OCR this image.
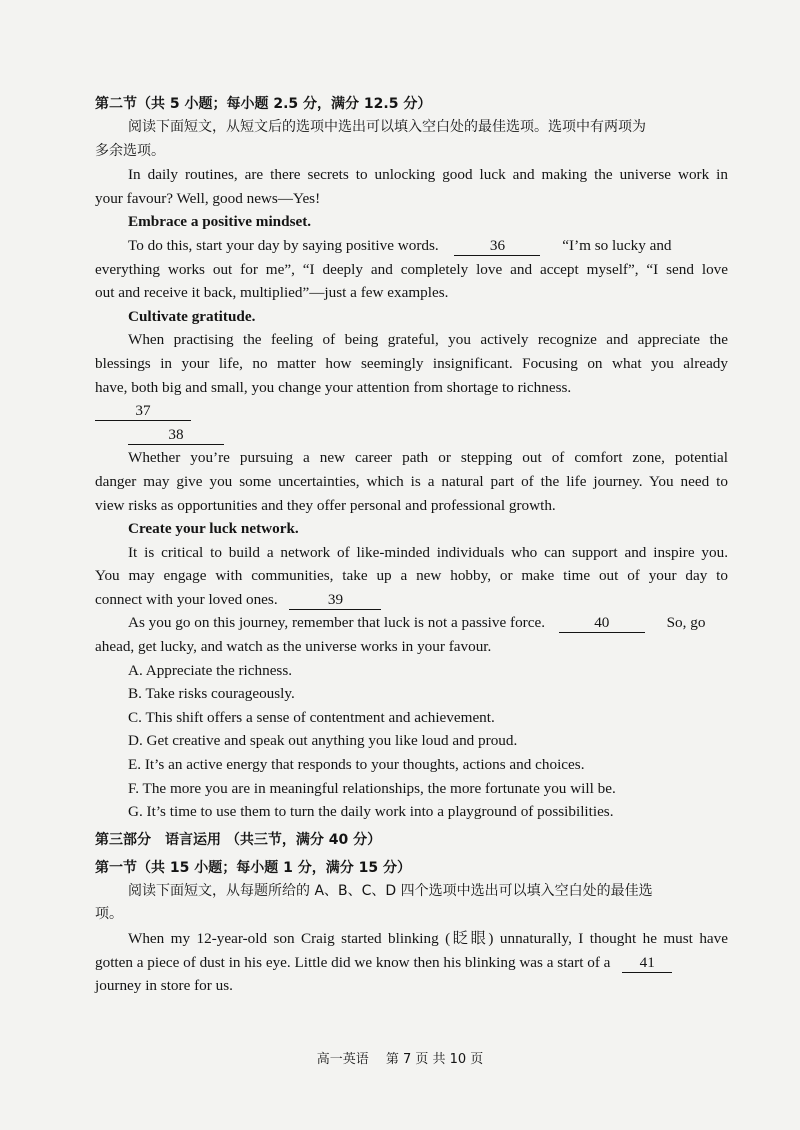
第二节（共 5 小题；每小题 2.5 分，满分 12.5 分）
阅读下面短文，从短文后的选项中选出可以填入空白处的最佳选项。选项中有两项为
多余选项。
In daily routines, are there secrets to unlocking good luck and making the universe work in
your favour? Well, good news—Yes!
Embrace a positive mindset.
To do this, start your day by saying positive words.	36	“I’m so lucky and
everything works out for me”, “I deeply and completely love and accept myself”, “I send love
out and receive it back, multiplied”—just a few examples.
Cultivate gratitude.
When practising the feeling of being grateful, you actively recognize and appreciate the
blessings in your life, no matter how seemingly insignificant. Focusing on what you already
have, both big and small, you change your attention from shortage to richness.
37
38
Whether you’re pursuing a new career path or stepping out of comfort zone, potential
danger may give you some uncertainties, which is a natural part of the life journey. You need to
view risks as opportunities and they offer personal and professional growth.
Create your luck network.
It is critical to build a network of like-minded individuals who can support and inspire you.
You may engage with communities, take up a new hobby, or make time out of your day to
connect with your loved ones.	39
As you go on this journey, remember that luck is not a passive force.	40	So, go
ahead, get lucky, and watch as the universe works in your favour.
A. Appreciate the richness.
B. Take risks courageously.
C. This shift offers a sense of contentment and achievement.
D. Get creative and speak out anything you like loud and proud.
E. It’s an active energy that responds to your thoughts, actions and choices.
F. The more you are in meaningful relationships, the more fortunate you will be.
G. It’s time to use them to turn the daily work into a playground of possibilities.
第三部分　语言运用 （共三节，满分 40 分）
第一节（共 15 小题；每小题 1 分，满分 15 分）
阅读下面短文，从每题所给的 A、B、C、D 四个选项中选出可以填入空白处的最佳选
项。
When my 12-year-old son Craig started blinking (眨眼) unnaturally, I thought he must have
gotten a piece of dust in his eye. Little did we know then his blinking was a start of a 41
journey in store for us.
高一英语　 第 7 页 共 10 页
